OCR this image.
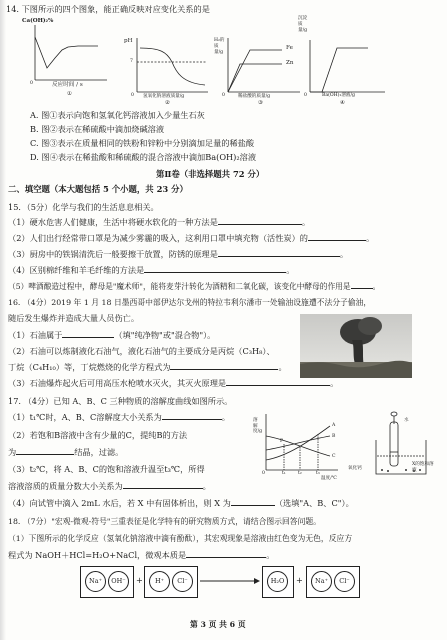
14. 下图所示的四个图象，能正确反映对应变化关系的是
Ca(OH)₂%
0	反应时间 / s
①
pH
7
0 氢氧化钠溶液质量/g
②
H₂的质量/g
Fe
Zn
0	稀盐酸的质量/g
③
沉淀质量/g
0	Ba(OH)₂溶液/g
④
A. 图①表示向饱和氢氧化钙溶液加入少量生石灰
B. 图②表示在稀硫酸中滴加烧碱溶液
C. 图③表示在质量相同的铁粉和锌粉中分别滴加足量的稀盐酸
D. 图④表示在稀盐酸和稀硫酸的混合溶液中滴加Ba(OH)₂溶液
第Ⅱ卷（非选择题共 72 分）
二、填空题（本大题包括 5 个小题，共 23 分）
15．（5分）化学与我们的生活息息相关。
（1）硬水危害人们健康，生活中将硬水软化的一种方法是	。
（2）人们出行经常带口罩是为减少雾霾的吸入，这利用口罩中填充物（活性炭）的	。
（3）厨房中的铁锅清洗后一般要擦干放置，防锈的原理是	。
（4）区别棉纤维和羊毛纤维的方法是	。
（5）啤酒酿造过程中，酵母是"魔术师"，能将麦芽汁转化为酒精和二氧化碳，该变化中酵母的作用是	。
16. （4分）2019 年 1 月 18 日墨西哥中部伊达尔戈州的特拉韦利尔潘市一处输油设施遭不法分子偷油，
随后发生爆炸并造成大量人员伤亡。
（1）石油属于	（填"纯净物"或"混合物"）。
（2）石油可以炼制液化石油气，液化石油气的主要成分是丙烷（C₃H₈）、
丁烷（C₄H₁₀）等，丁烷燃烧的化学方程式为	。
（3）石油爆炸起火后可用高压水枪喷水灭火，其灭火原理是	。
17. （4分）已知 A、B、C 三种物质的溶解度曲线如图所示。
（1）t₁℃时，A、B、C溶解度大小关系为	。
（2）若饱和B溶液中含有少量的C，提纯B的方法
为	结晶，过滤。
（3）t₂℃，将 A、B、C的饱和溶液升温至t₃℃，所得
溶液溶质的质量分数大小关系为	。
（4）向试管中滴入 2mL 水后，若 X 中有固体析出，则 X 为	（选填"A、B、C"）。
溶解度/g
A
B
C
P
0	t₁	t₂	t₃
温度/℃
水
氧化钙
X的饱和溶液
18. （7分）"宏观-微观-符号"三重表征是化学特有的研究物质方式，请结合图示回答问题。
（1）下图所示的化学反应（氢氧化钠溶液中滴有酚酞），其宏观现象是溶液由红色变为无色，反应方
程式为 NaOH＋HCl=H₂O+NaCl，微观本质是	。
Na⁺	OH⁻	+	H⁺	Cl⁻ →	H₂O	+	Na⁺	Cl⁻
第 3 页 共 6 页
